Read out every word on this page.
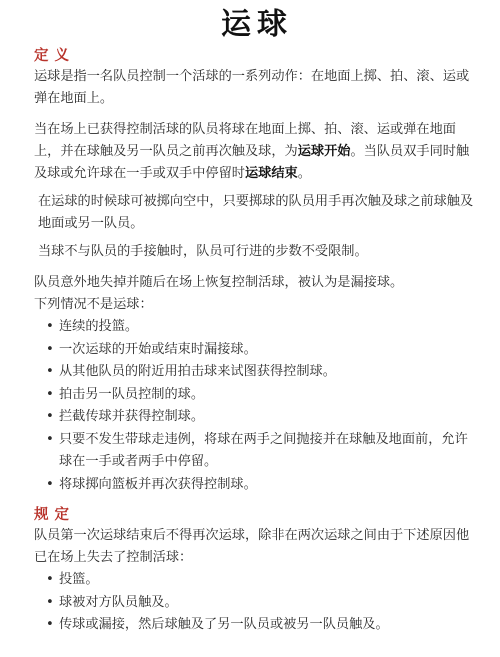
运球
定义

运球是指一名队员控制一个活球的一系列动作：在地面上掷、拍、滚、运或弹在地面上。

当在场上已获得控制活球的队员将球在地面上掷、拍、滚、运或弹在地面上，并在球触及另一队员之前再次触及球，为运球开始。当队员双手同时触及球或允许球在一手或双手中停留时运球结束。

在运球的时候球可被掷向空中，只要掷球的队员用手再次触及球之前球触及地面或另一队员。

当球不与队员的手接触时，队员可行进的步数不受限制。

队员意外地失掉并随后在场上恢复控制活球，被认为是漏接球。

下列情况不是运球：

• 连续的投篮。
• 一次运球的开始或结束时漏接球。
• 从其他队员的附近用拍击球来试图获得控制球。
• 拍击另一队员控制的球。
• 拦截传球并获得控制球。
• 只要不发生带球走违例，将球在两手之间抛接并在球触及地面前，允许球在一手或者两手中停留。
• 将球掷向篮板并再次获得控制球。
规定

队员第一次运球结束后不得再次运球，除非在两次运球之间由于下述原因他已在场上失去了控制活球：

• 投篮。
• 球被对方队员触及。
• 传球或漏接，然后球触及了另一队员或被另一队员触及。
